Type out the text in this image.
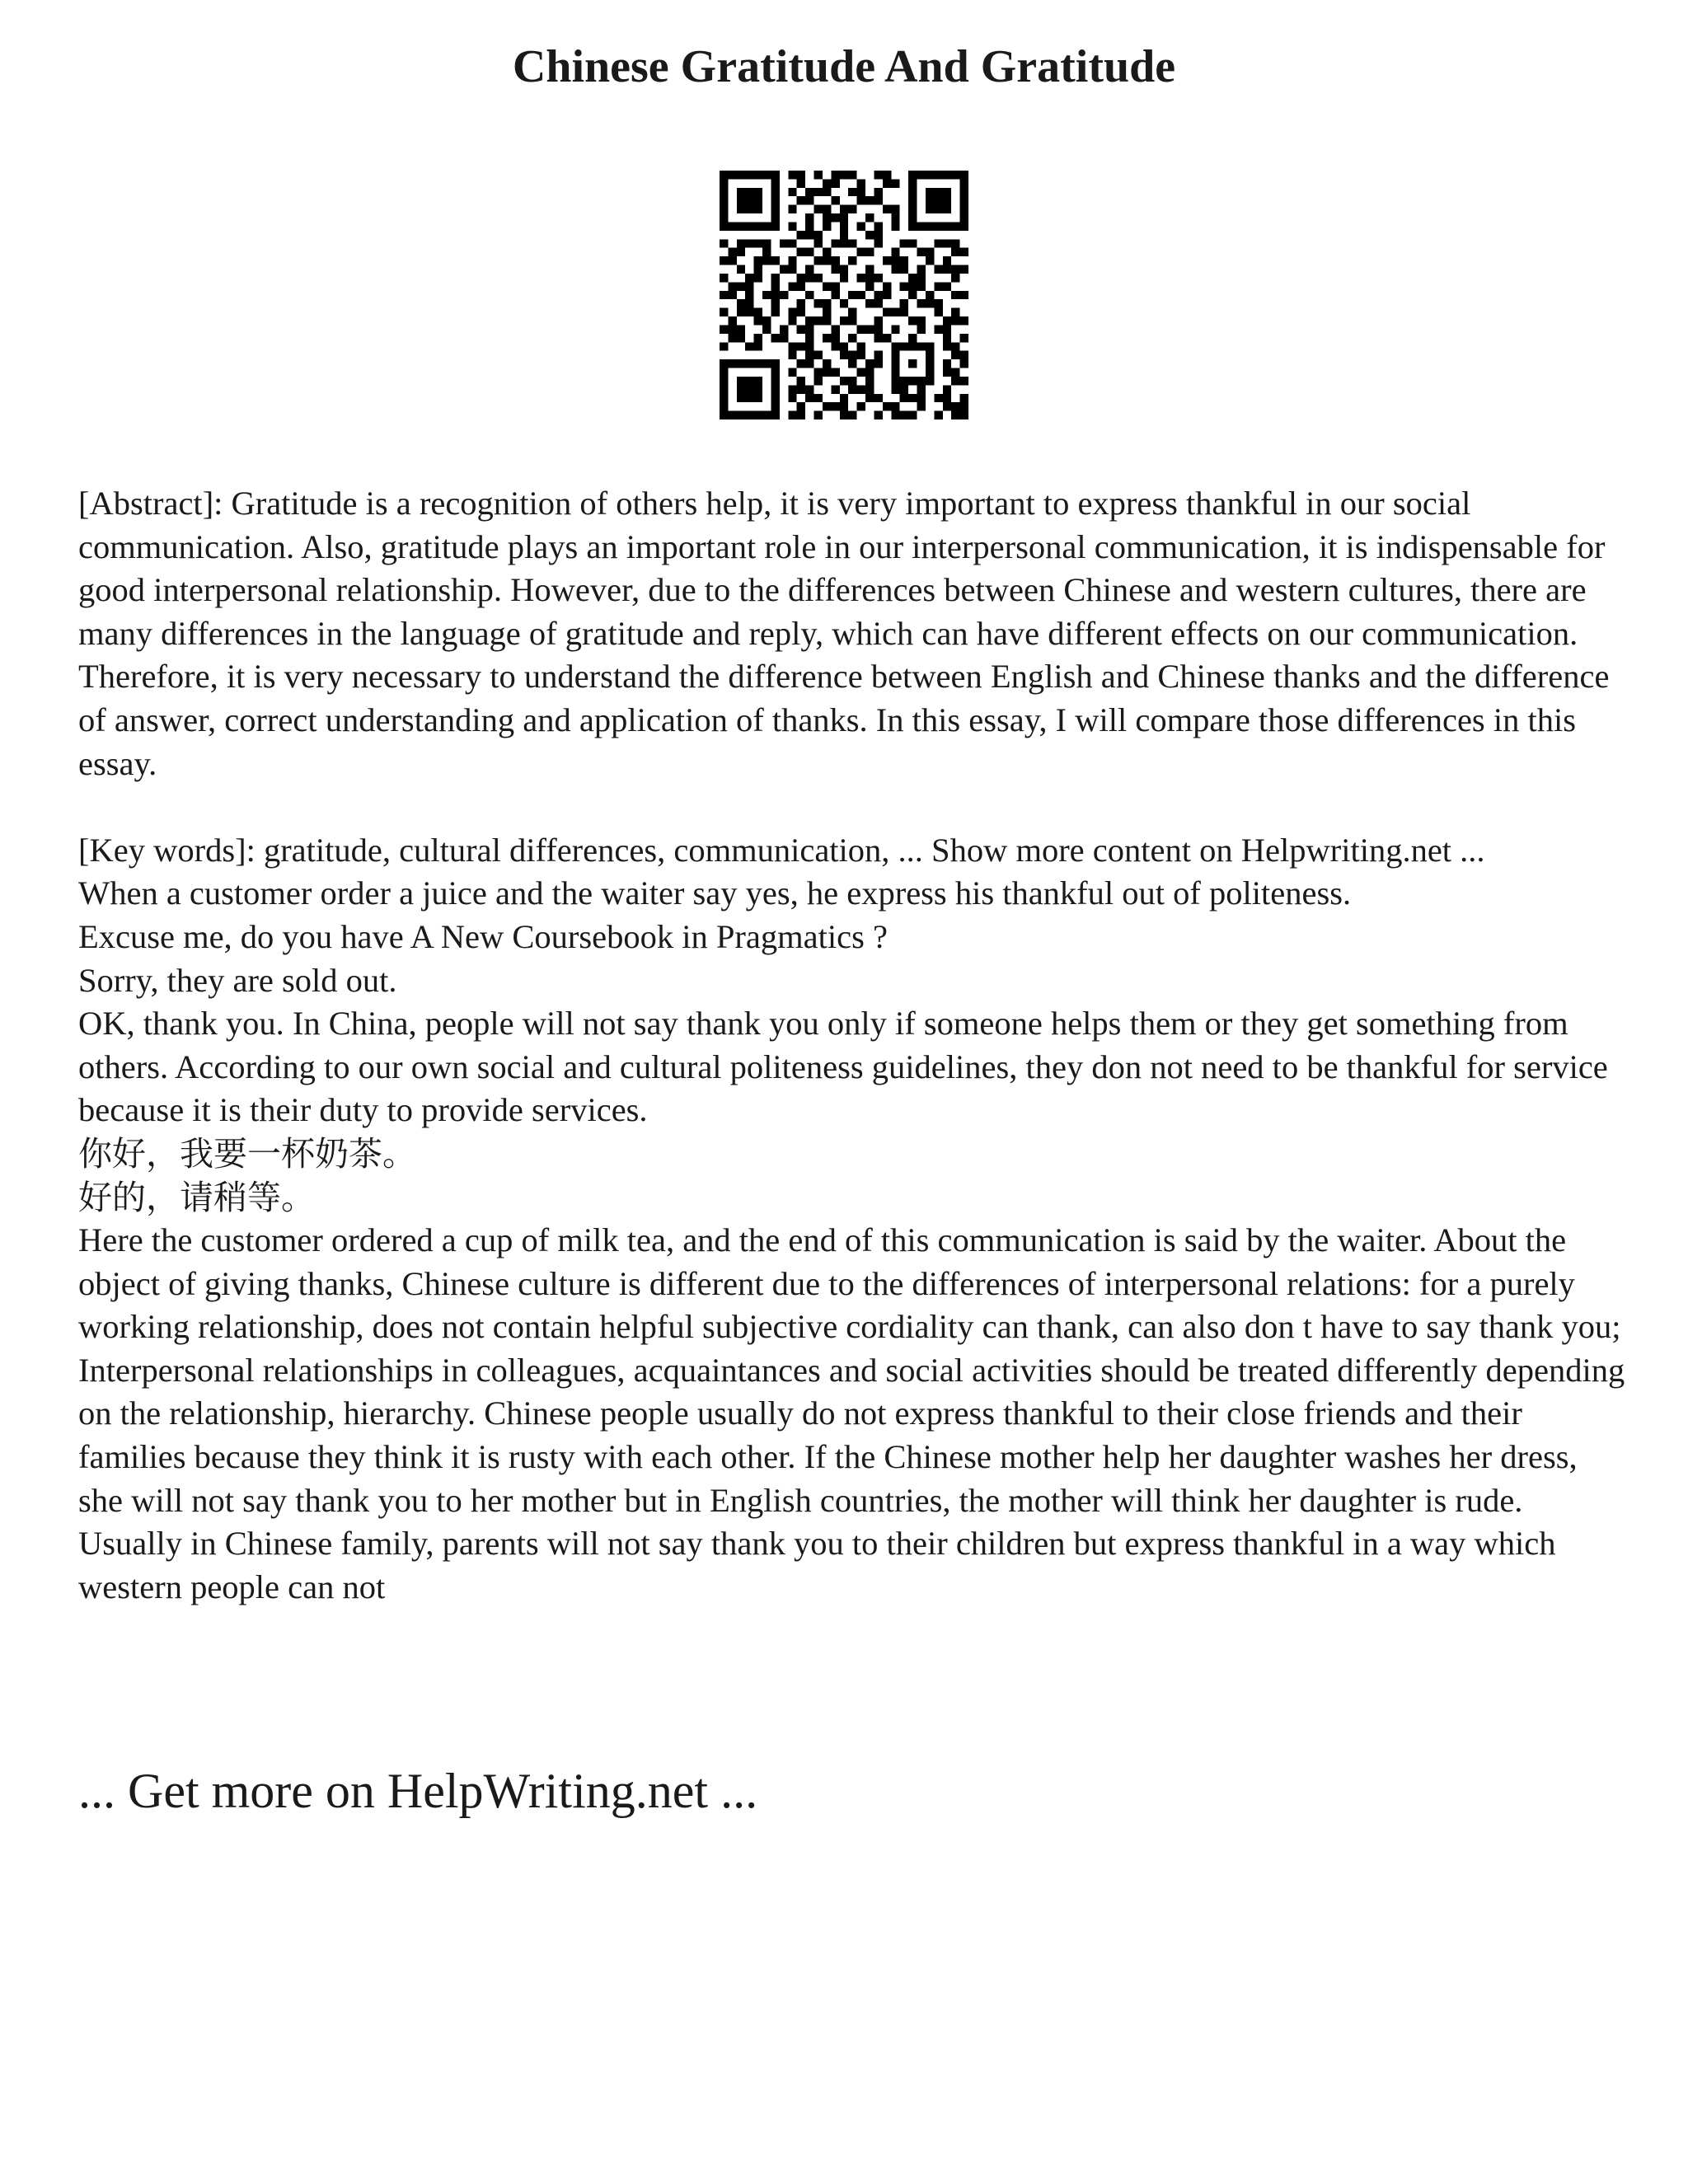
Chinese Gratitude And Gratitude

[Abstract]: Gratitude is a recognition of others help, it is very important to express thankful in our social communication. Also, gratitude plays an important role in our interpersonal communication, it is indispensable for good interpersonal relationship. However, due to the differences between Chinese and western cultures, there are many differences in the language of gratitude and reply, which can have different effects on our communication. Therefore, it is very necessary to understand the difference between English and Chinese thanks and the difference of answer, correct understanding and application of thanks. In this essay, I will compare those differences in this essay.

[Key words]: gratitude, cultural differences, communication, ... Show more content on Helpwriting.net ...

When a customer order a juice and the waiter say yes, he express his thankful out of politeness.

Excuse me, do you have A New Coursebook in Pragmatics ?

Sorry, they are sold out.

OK, thank you. In China, people will not say thank you only if someone helps them or they get something from others. According to our own social and cultural politeness guidelines, they don not need to be thankful for service because it is their duty to provide services.

你好，我要一杯奶茶。

好的，请稍等。

Here the customer ordered a cup of milk tea, and the end of this communication is said by the waiter. About the object of giving thanks, Chinese culture is different due to the differences of interpersonal relations: for a purely working relationship, does not contain helpful subjective cordiality can thank, can also don t have to say thank you; Interpersonal relationships in colleagues, acquaintances and social activities should be treated differently depending on the relationship, hierarchy. Chinese people usually do not express thankful to their close friends and their families because they think it is rusty with each other. If the Chinese mother help her daughter washes her dress, she will not say thank you to her mother but in English countries, the mother will think her daughter is rude. Usually in Chinese family, parents will not say thank you to their children but express thankful in a way which western people can not

... Get more on HelpWriting.net ...
